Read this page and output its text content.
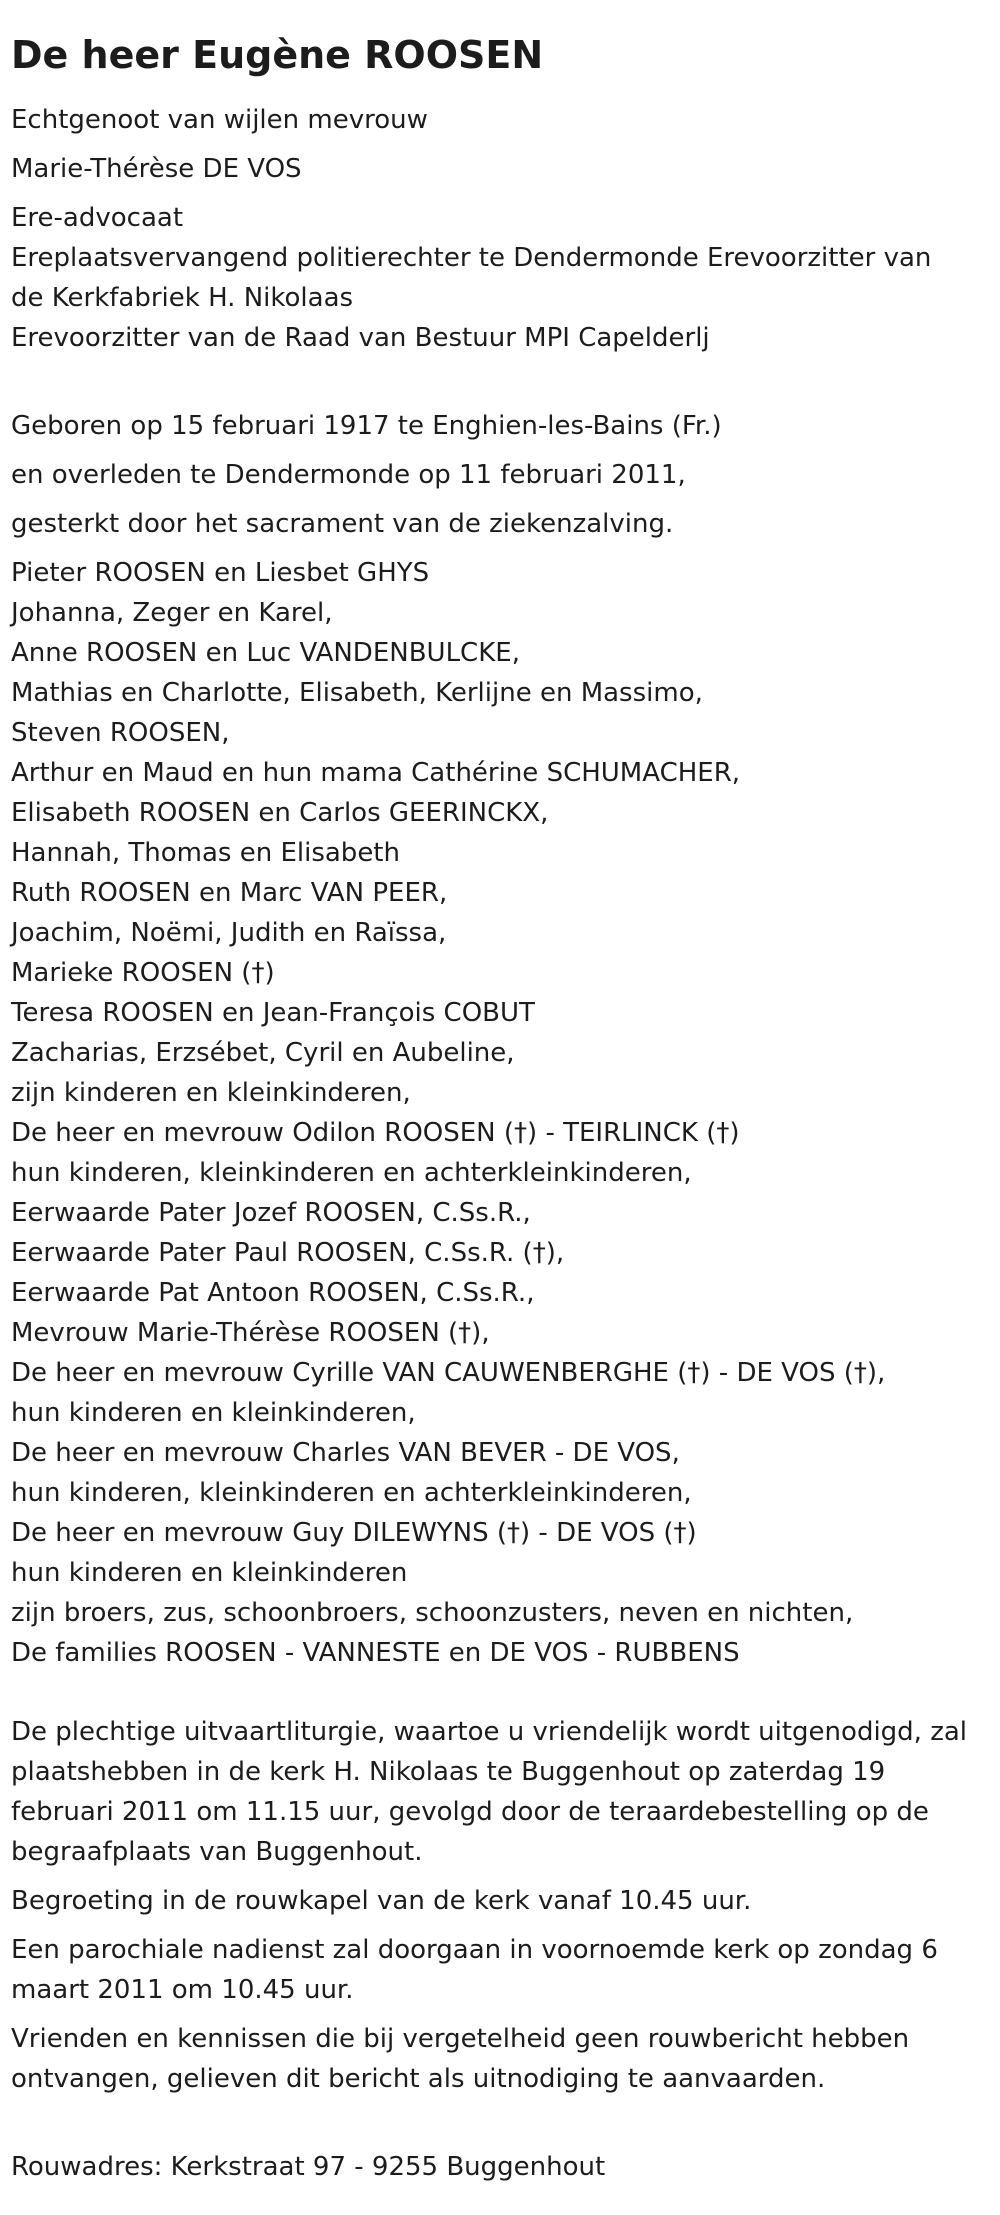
De heer Eugène ROOSEN

Echtgenoot van wijlen mevrouw

Marie-Thérèse DE VOS

Ere-advocaat

Ereplaatsvervangend politierechter te Dendermonde Erevoorzitter van

de Kerkfabriek H. Nikolaas

Erevoorzitter van de Raad van Bestuur MPI Capelderlj

Geboren op 15 februari 1917 te Enghien-les-Bains (Fr.)

en overleden te Dendermonde op 11 februari 2011,

gesterkt door het sacrament van de ziekenzalving.

Pieter ROOSEN en Liesbet GHYS

Johanna, Zeger en Karel,

Anne ROOSEN en Luc VANDENBULCKE,

Mathias en Charlotte, Elisabeth, Kerlijne en Massimo,

Steven ROOSEN,

Arthur en Maud en hun mama Cathérine SCHUMACHER,

Elisabeth ROOSEN en Carlos GEERINCKX,

Hannah, Thomas en Elisabeth

Ruth ROOSEN en Marc VAN PEER,

Joachim, Noëmi, Judith en Raïssa,

Marieke ROOSEN (†)

Teresa ROOSEN en Jean-François COBUT

Zacharias, Erzsébet, Cyril en Aubeline,

zijn kinderen en kleinkinderen,

De heer en mevrouw Odilon ROOSEN (†) - TEIRLINCK (†)

hun kinderen, kleinkinderen en achterkleinkinderen,

Eerwaarde Pater Jozef ROOSEN, C.Ss.R.,

Eerwaarde Pater Paul ROOSEN, C.Ss.R. (†),

Eerwaarde Pat Antoon ROOSEN, C.Ss.R.,

Mevrouw Marie-Thérèse ROOSEN (†),

De heer en mevrouw Cyrille VAN CAUWENBERGHE (†) - DE VOS (†),

hun kinderen en kleinkinderen,

De heer en mevrouw Charles VAN BEVER - DE VOS,

hun kinderen, kleinkinderen en achterkleinkinderen,

De heer en mevrouw Guy DILEWYNS (†) - DE VOS (†)

hun kinderen en kleinkinderen

zijn broers, zus, schoonbroers, schoonzusters, neven en nichten,

De families ROOSEN - VANNESTE en DE VOS - RUBBENS

De plechtige uitvaartliturgie, waartoe u vriendelijk wordt uitgenodigd, zal

plaatshebben in de kerk H. Nikolaas te Buggenhout op zaterdag 19

februari 2011 om 11.15 uur, gevolgd door de teraardebestelling op de

begraafplaats van Buggenhout.

Begroeting in de rouwkapel van de kerk vanaf 10.45 uur.

Een parochiale nadienst zal doorgaan in voornoemde kerk op zondag 6

maart 2011 om 10.45 uur.

Vrienden en kennissen die bij vergetelheid geen rouwbericht hebben

ontvangen, gelieven dit bericht als uitnodiging te aanvaarden.

Rouwadres: Kerkstraat 97 - 9255 Buggenhout
